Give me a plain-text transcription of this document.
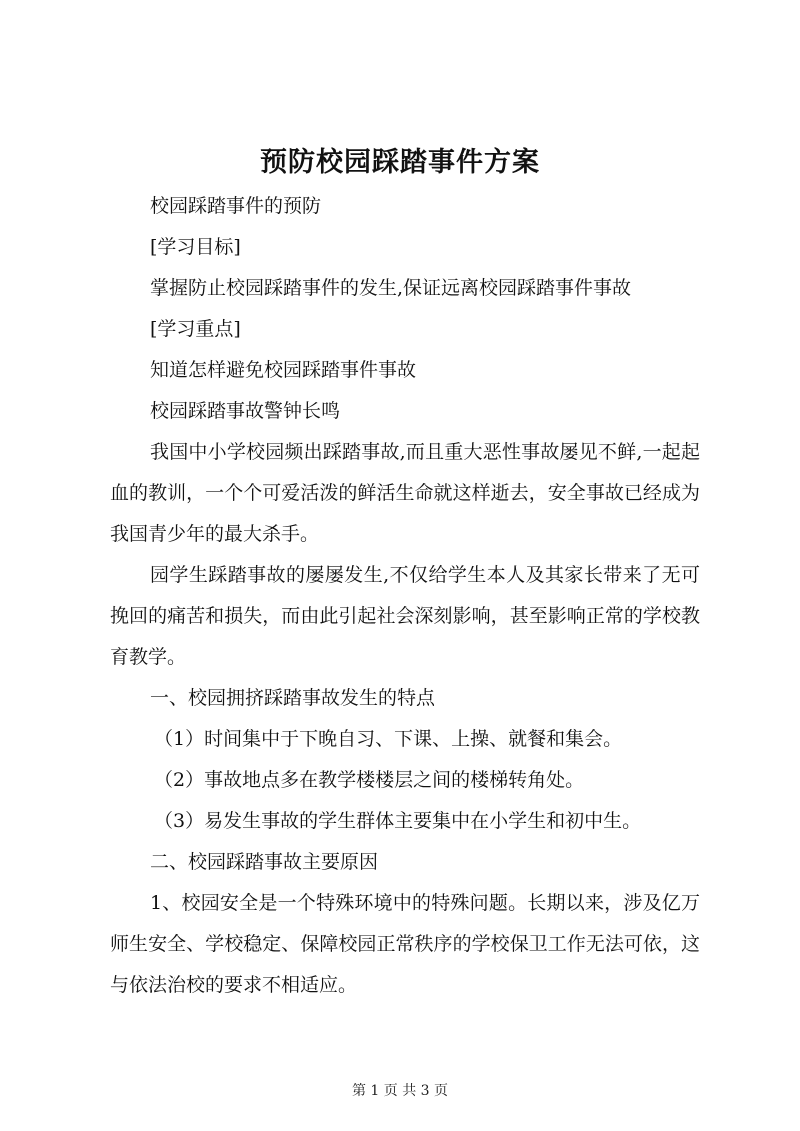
预防校园踩踏事件方案

校园踩踏事件的预防

[学习目标]

掌握防止校园踩踏事件的发生,保证远离校园踩踏事件事故

[学习重点]

知道怎样避免校园踩踏事件事故

校园踩踏事故警钟长鸣

我国中小学校园频出踩踏事故,而且重大恶性事故屡见不鲜,一起起血的教训，一个个可爱活泼的鲜活生命就这样逝去，安全事故已经成为我国青少年的最大杀手。

园学生踩踏事故的屡屡发生,不仅给学生本人及其家长带来了无可挽回的痛苦和损失，而由此引起社会深刻影响，甚至影响正常的学校教育教学。

一、校园拥挤踩踏事故发生的特点

（1）时间集中于下晚自习、下课、上操、就餐和集会。

（2）事故地点多在教学楼楼层之间的楼梯转角处。

（3）易发生事故的学生群体主要集中在小学生和初中生。

二、校园踩踏事故主要原因

1、校园安全是一个特殊环境中的特殊问题。长期以来，涉及亿万师生安全、学校稳定、保障校园正常秩序的学校保卫工作无法可依，这与依法治校的要求不相适应。

第 1 页 共 3 页
